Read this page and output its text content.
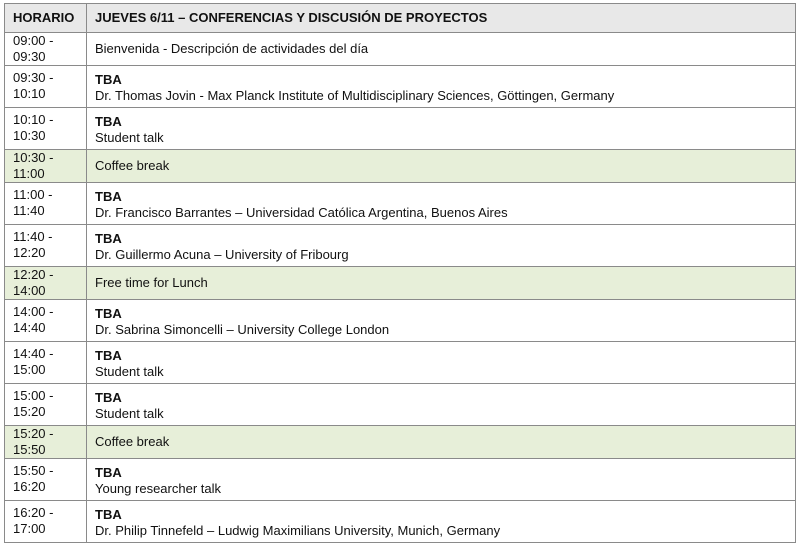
HORARIO	JUEVES 6/11 – CONFERENCIAS Y DISCUSIÓN DE PROYECTOS
09:00 - 09:30	Bienvenida - Descripción de actividades del día

09:30 - 10:10	TBA
Dr. Thomas Jovin - Max Planck Institute of Multidisciplinary Sciences, Göttingen, Germany

10:10 - 10:30	TBA
Student talk

10:30 - 11:00	Coffee break

11:00 - 11:40	TBA
Dr. Francisco Barrantes – Universidad Católica Argentina, Buenos Aires

11:40 - 12:20	TBA
Dr. Guillermo Acuna – University of Fribourg

12:20 - 14:00	Free time for Lunch

14:00 - 14:40	TBA
Dr. Sabrina Simoncelli – University College London

14:40 - 15:00	TBA
Student talk

15:00 - 15:20	TBA
Student talk

15:20 - 15:50	Coffee break

15:50 - 16:20	TBA
Young researcher talk

16:20 - 17:00	TBA
Dr. Philip Tinnefeld – Ludwig Maximilians University, Munich, Germany
